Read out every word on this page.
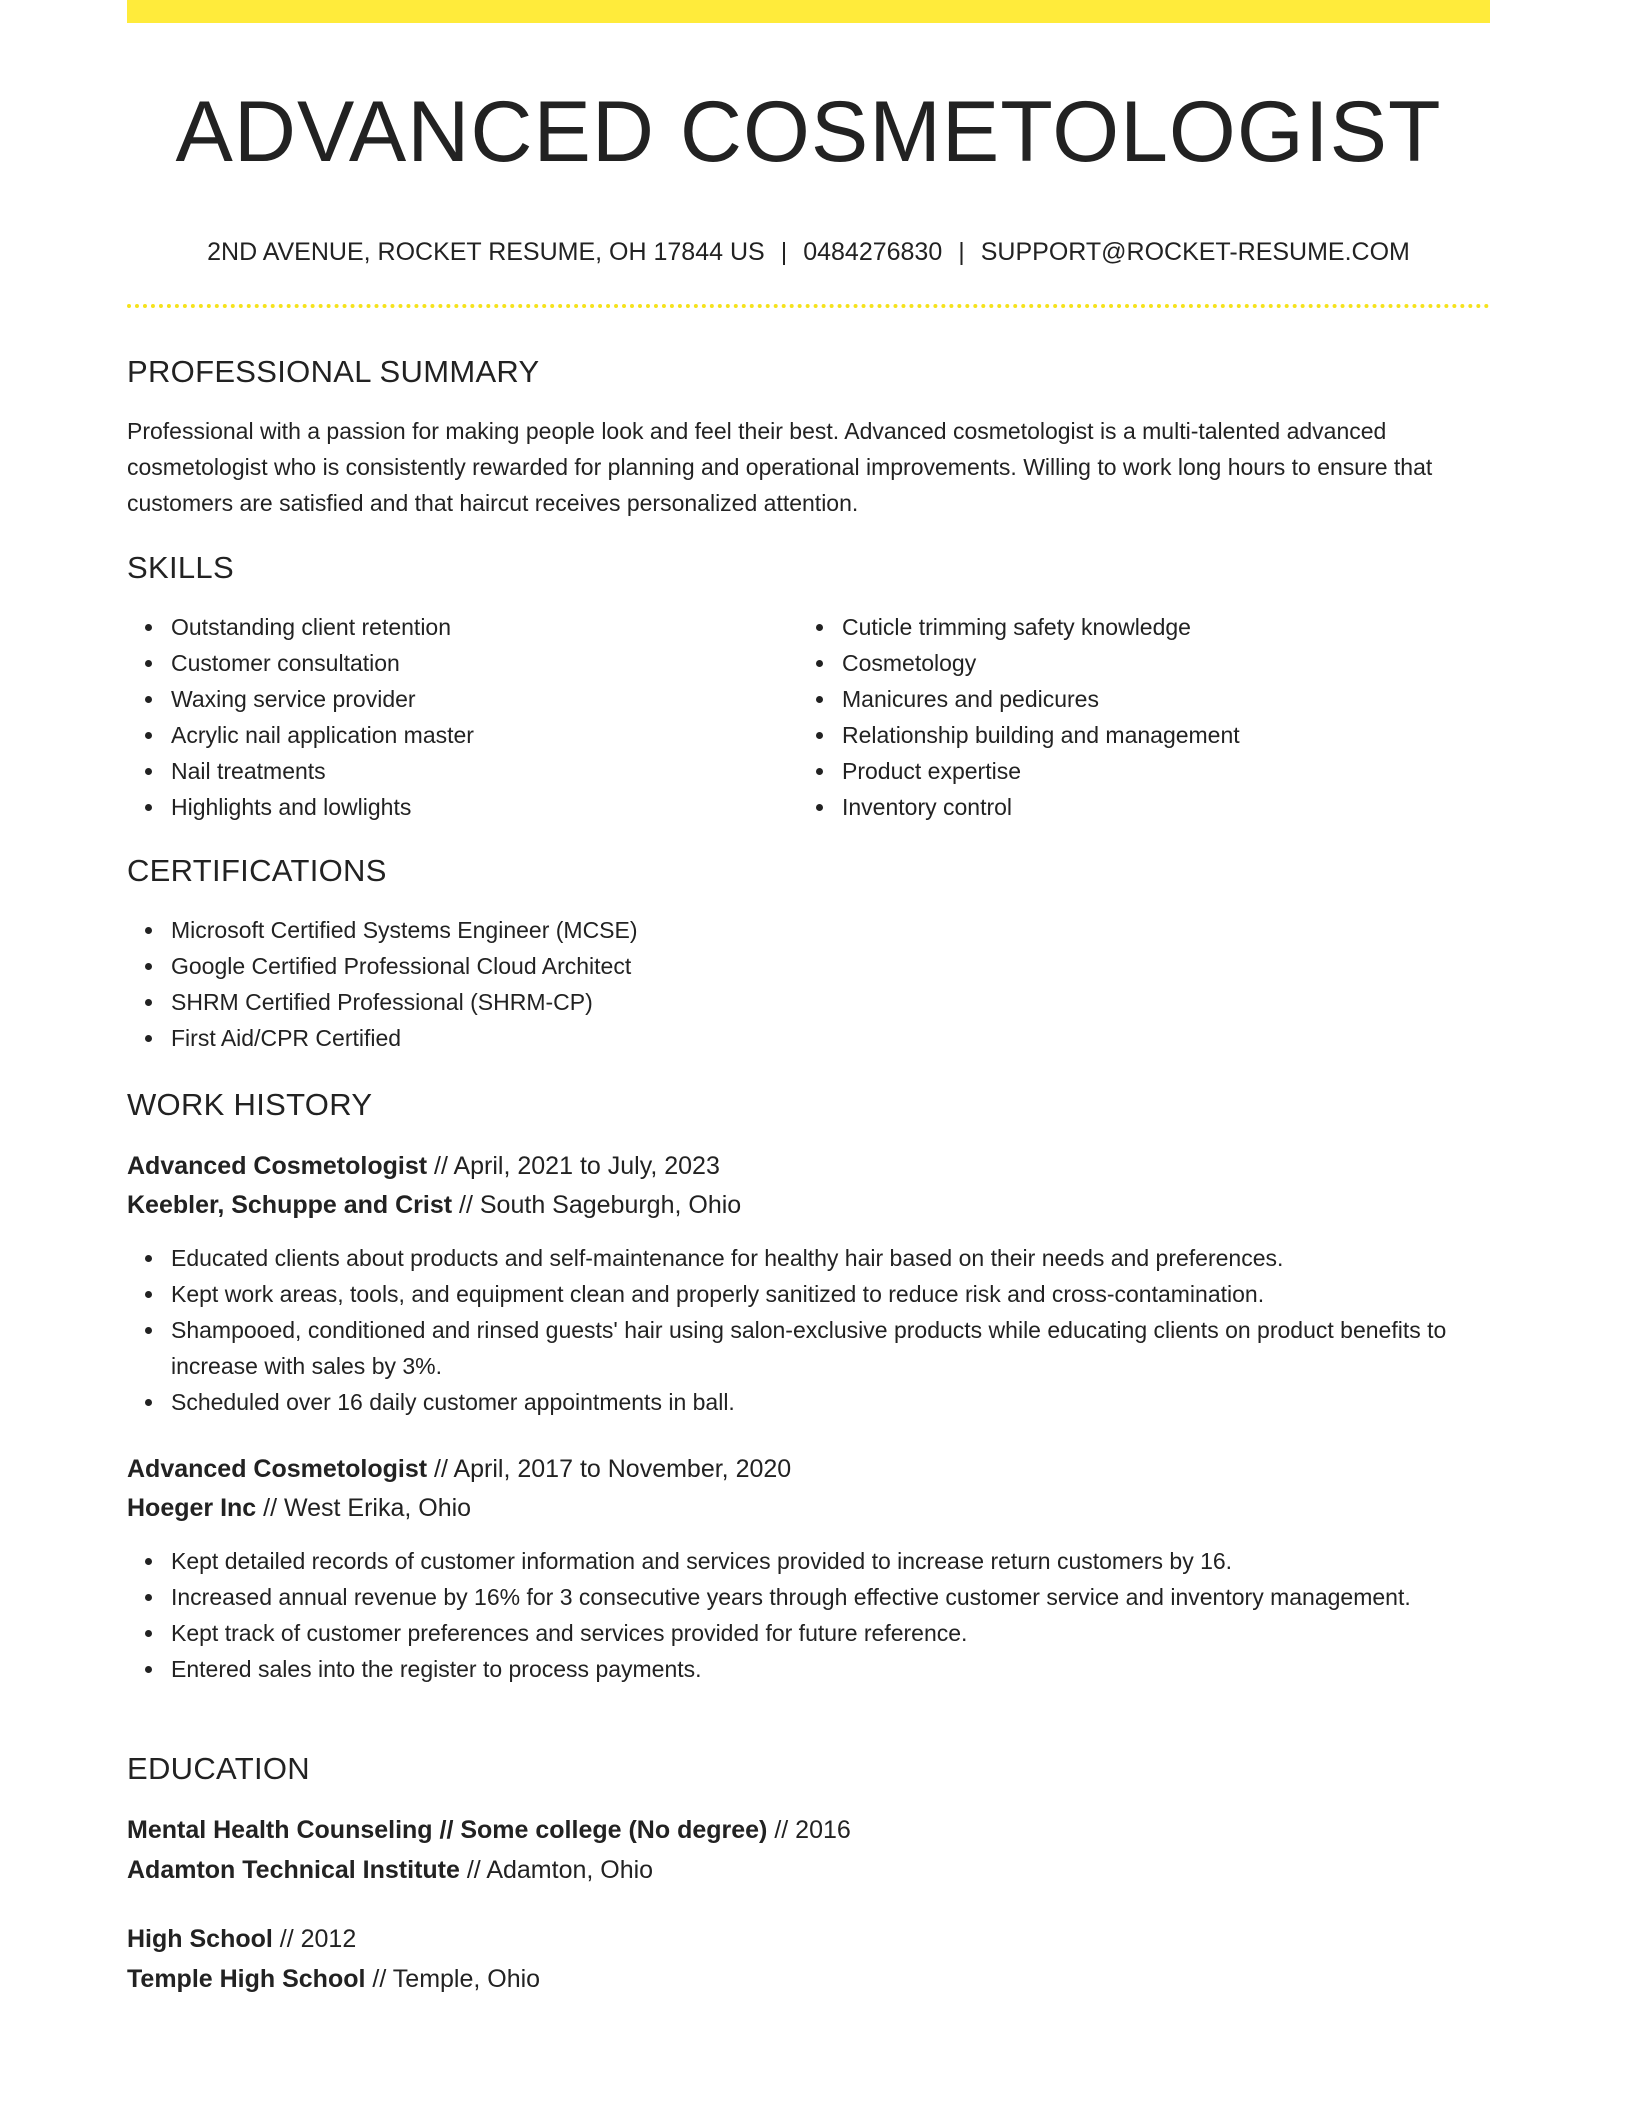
ADVANCED COSMETOLOGIST
2ND AVENUE, ROCKET RESUME, OH 17844 US | 0484276830 | SUPPORT@ROCKET-RESUME.COM
PROFESSIONAL SUMMARY
Professional with a passion for making people look and feel their best. Advanced cosmetologist is a multi-talented advanced cosmetologist who is consistently rewarded for planning and operational improvements. Willing to work long hours to ensure that customers are satisfied and that haircut receives personalized attention.
SKILLS
Outstanding client retention
Customer consultation
Waxing service provider
Acrylic nail application master
Nail treatments
Highlights and lowlights
Cuticle trimming safety knowledge
Cosmetology
Manicures and pedicures
Relationship building and management
Product expertise
Inventory control
CERTIFICATIONS
Microsoft Certified Systems Engineer (MCSE)
Google Certified Professional Cloud Architect
SHRM Certified Professional (SHRM-CP)
First Aid/CPR Certified
WORK HISTORY
Advanced Cosmetologist // April, 2021 to July, 2023
Keebler, Schuppe and Crist // South Sageburgh, Ohio
Educated clients about products and self-maintenance for healthy hair based on their needs and preferences.
Kept work areas, tools, and equipment clean and properly sanitized to reduce risk and cross-contamination.
Shampooed, conditioned and rinsed guests' hair using salon-exclusive products while educating clients on product benefits to increase with sales by 3%.
Scheduled over 16 daily customer appointments in ball.
Advanced Cosmetologist // April, 2017 to November, 2020
Hoeger Inc // West Erika, Ohio
Kept detailed records of customer information and services provided to increase return customers by 16.
Increased annual revenue by 16% for 3 consecutive years through effective customer service and inventory management.
Kept track of customer preferences and services provided for future reference.
Entered sales into the register to process payments.
EDUCATION
Mental Health Counseling // Some college (No degree) // 2016
Adamton Technical Institute // Adamton, Ohio
High School // 2012
Temple High School // Temple, Ohio
